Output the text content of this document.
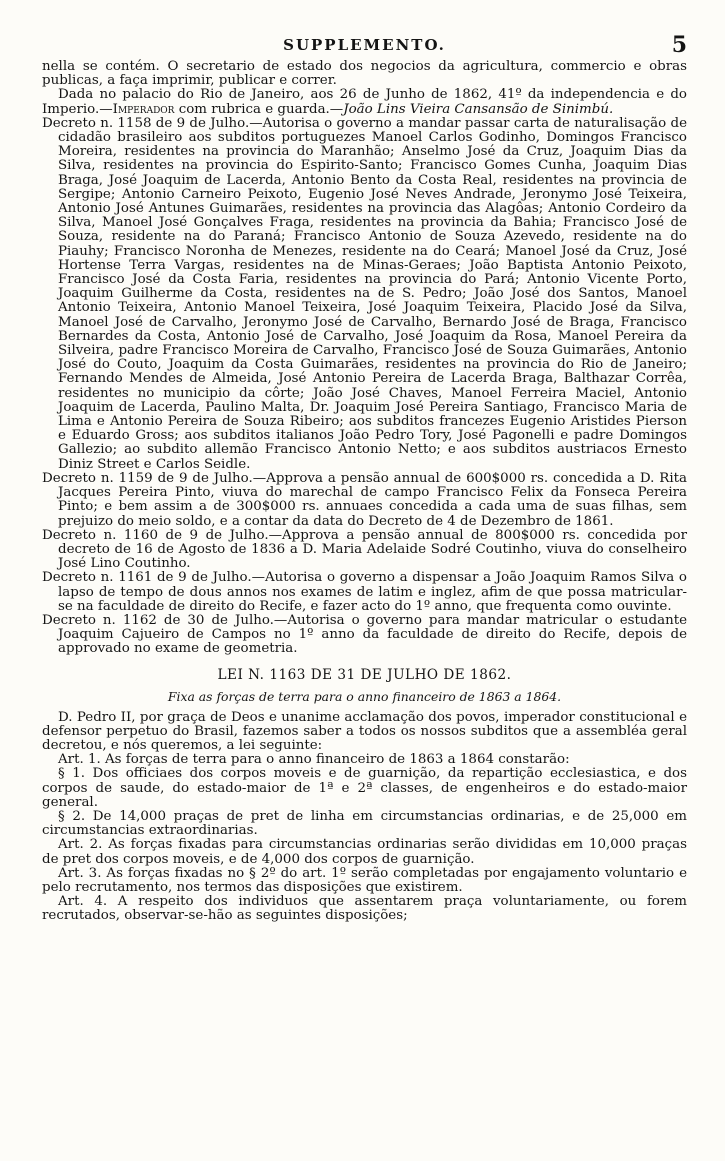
SUPPLEMENTO.	5

nella se contém. O secretario de estado dos negocios da agricultura, commercio e obras publicas, a faça imprimir, publicar e correr.

Dada no palacio do Rio de Janeiro, aos 26 de Junho de 1862, 41º da independencia e do Imperio.—Imperador com rubrica e guarda.—João Lins Vieira Cansansão de Sinimbú.

Decreto n. 1158 de 9 de Julho.—Autorisa o governo a mandar passar carta de naturalisação de cidadão brasileiro aos subditos portuguezes Manoel Carlos Godinho, Domingos Francisco Moreira, residentes na provincia do Maranhão; Anselmo José da Cruz, Joaquim Dias da Silva, residentes na provincia do Espirito-Santo; Francisco Gomes Cunha, Joaquim Dias Braga, José Joaquim de Lacerda, Antonio Bento da Costa Real, residentes na provincia de Sergipe; Antonio Carneiro Peixoto, Eugenio José Neves Andrade, Jeronymo José Teixeira, Antonio José Antunes Guimarães, residentes na provincia das Alagôas; Antonio Cordeiro da Silva, Manoel José Gonçalves Fraga, residentes na provincia da Bahia; Francisco José de Souza, residente na do Paraná; Francisco Antonio de Souza Azevedo, residente na do Piauhy; Francisco Noronha de Menezes, residente na do Ceará; Manoel José da Cruz, José Hortense Terra Vargas, residentes na de Minas-Geraes; João Baptista Antonio Peixoto, Francisco José da Costa Faria, residentes na provincia do Pará; Antonio Vicente Porto, Joaquim Guilherme da Costa, residentes na de S. Pedro; João José dos Santos, Manoel Antonio Teixeira, Antonio Manoel Teixeira, José Joaquim Teixeira, Placido José da Silva, Manoel José de Carvalho, Jeronymo José de Carvalho, Bernardo José de Braga, Francisco Bernardes da Costa, Antonio José de Carvalho, José Joaquim da Rosa, Manoel Pereira da Silveira, padre Francisco Moreira de Carvalho, Francisco José de Souza Guimarães, Antonio José do Couto, Joaquim da Costa Guimarães, residentes na provincia do Rio de Janeiro; Fernando Mendes de Almeida, José Antonio Pereira de Lacerda Braga, Balthazar Corrêa, residentes no municipio da côrte; João José Chaves, Manoel Ferreira Maciel, Antonio Joaquim de Lacerda, Paulino Malta, Dr. Joaquim José Pereira Santiago, Francisco Maria de Lima e Antonio Pereira de Souza Ribeiro; aos subditos francezes Eugenio Aristides Pierson e Eduardo Gross; aos subditos italianos João Pedro Tory, José Pagonelli e padre Domingos Gallezio; ao subdito allemão Francisco Antonio Netto; e aos subditos austriacos Ernesto Diniz Street e Carlos Seidle.

Decreto n. 1159 de 9 de Julho.—Approva a pensão annual de 600$000 rs. concedida a D. Rita Jacques Pereira Pinto, viuva do marechal de campo Francisco Felix da Fonseca Pereira Pinto; e bem assim a de 300$000 rs. annuaes concedida a cada uma de suas filhas, sem prejuizo do meio soldo, e a contar da data do Decreto de 4 de Dezembro de 1861.

Decreto n. 1160 de 9 de Julho.—Approva a pensão annual de 800$000 rs. concedida por decreto de 16 de Agosto de 1836 a D. Maria Adelaide Sodré Coutinho, viuva do conselheiro José Lino Coutinho.

Decreto n. 1161 de 9 de Julho.—Autorisa o governo a dispensar a João Joaquim Ramos Silva o lapso de tempo de dous annos nos exames de latim e inglez, afim de que possa matricular-se na faculdade de direito do Recife, e fazer acto do 1º anno, que frequenta como ouvinte.

Decreto n. 1162 de 30 de Julho.—Autorisa o governo para mandar matricular o estudante Joaquim Cajueiro de Campos no 1º anno da faculdade de direito do Recife, depois de approvado no exame de geometria.

LEI N. 1163 DE 31 DE JULHO DE 1862.
Fixa as forças de terra para o anno financeiro de 1863 a 1864.

D. Pedro II, por graça de Deos e unanime acclamação dos povos, imperador constitucional e defensor perpetuo do Brasil, fazemos saber a todos os nossos subditos que a assembléa geral decretou, e nós queremos, a lei seguinte:

Art. 1. As forças de terra para o anno financeiro de 1863 a 1864 constarão:

§ 1. Dos officiaes dos corpos moveis e de guarnição, da repartição ecclesiastica, e dos corpos de saude, do estado-maior de 1ª e 2ª classes, de engenheiros e do estado-maior general.

§ 2. De 14,000 praças de pret de linha em circumstancias ordinarias, e de 25,000 em circumstancias extraordinarias.

Art. 2. As forças fixadas para circumstancias ordinarias serão divididas em 10,000 praças de pret dos corpos moveis, e de 4,000 dos corpos de guarnição.

Art. 3. As forças fixadas no § 2º do art. 1º serão completadas por engajamento voluntario e pelo recrutamento, nos termos das disposições que existirem.

Art. 4. A respeito dos individuos que assentarem praça voluntariamente, ou forem recrutados, observar-se-hão as seguintes disposições;
